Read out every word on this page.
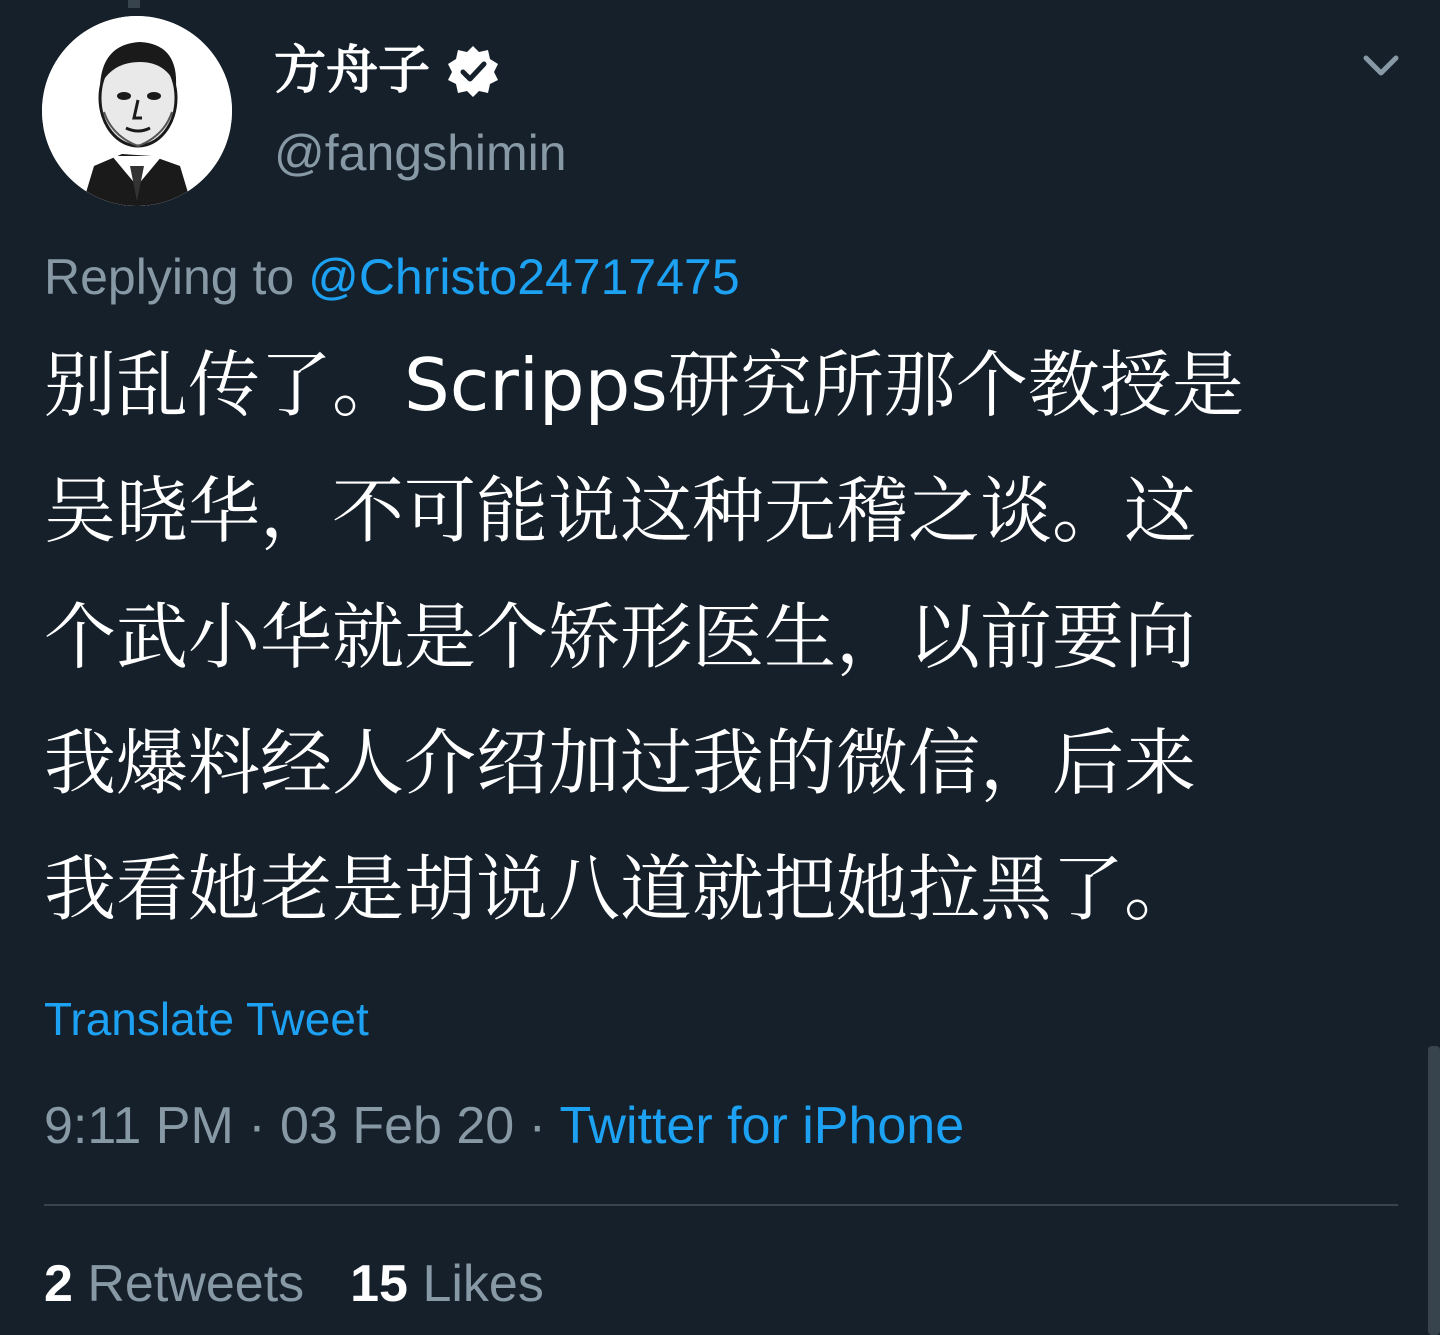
方舟子
@fangshimin
Replying to @Christo24717475
别乱传了。Scripps研究所那个教授是
吴晓华，不可能说这种无稽之谈。这
个武小华就是个矫形医生，以前要向
我爆料经人介绍加过我的微信，后来
我看她老是胡说八道就把她拉黑了。
Translate Tweet
9:11 PM · 03 Feb 20 · Twitter for iPhone
2 Retweets 15 Likes
